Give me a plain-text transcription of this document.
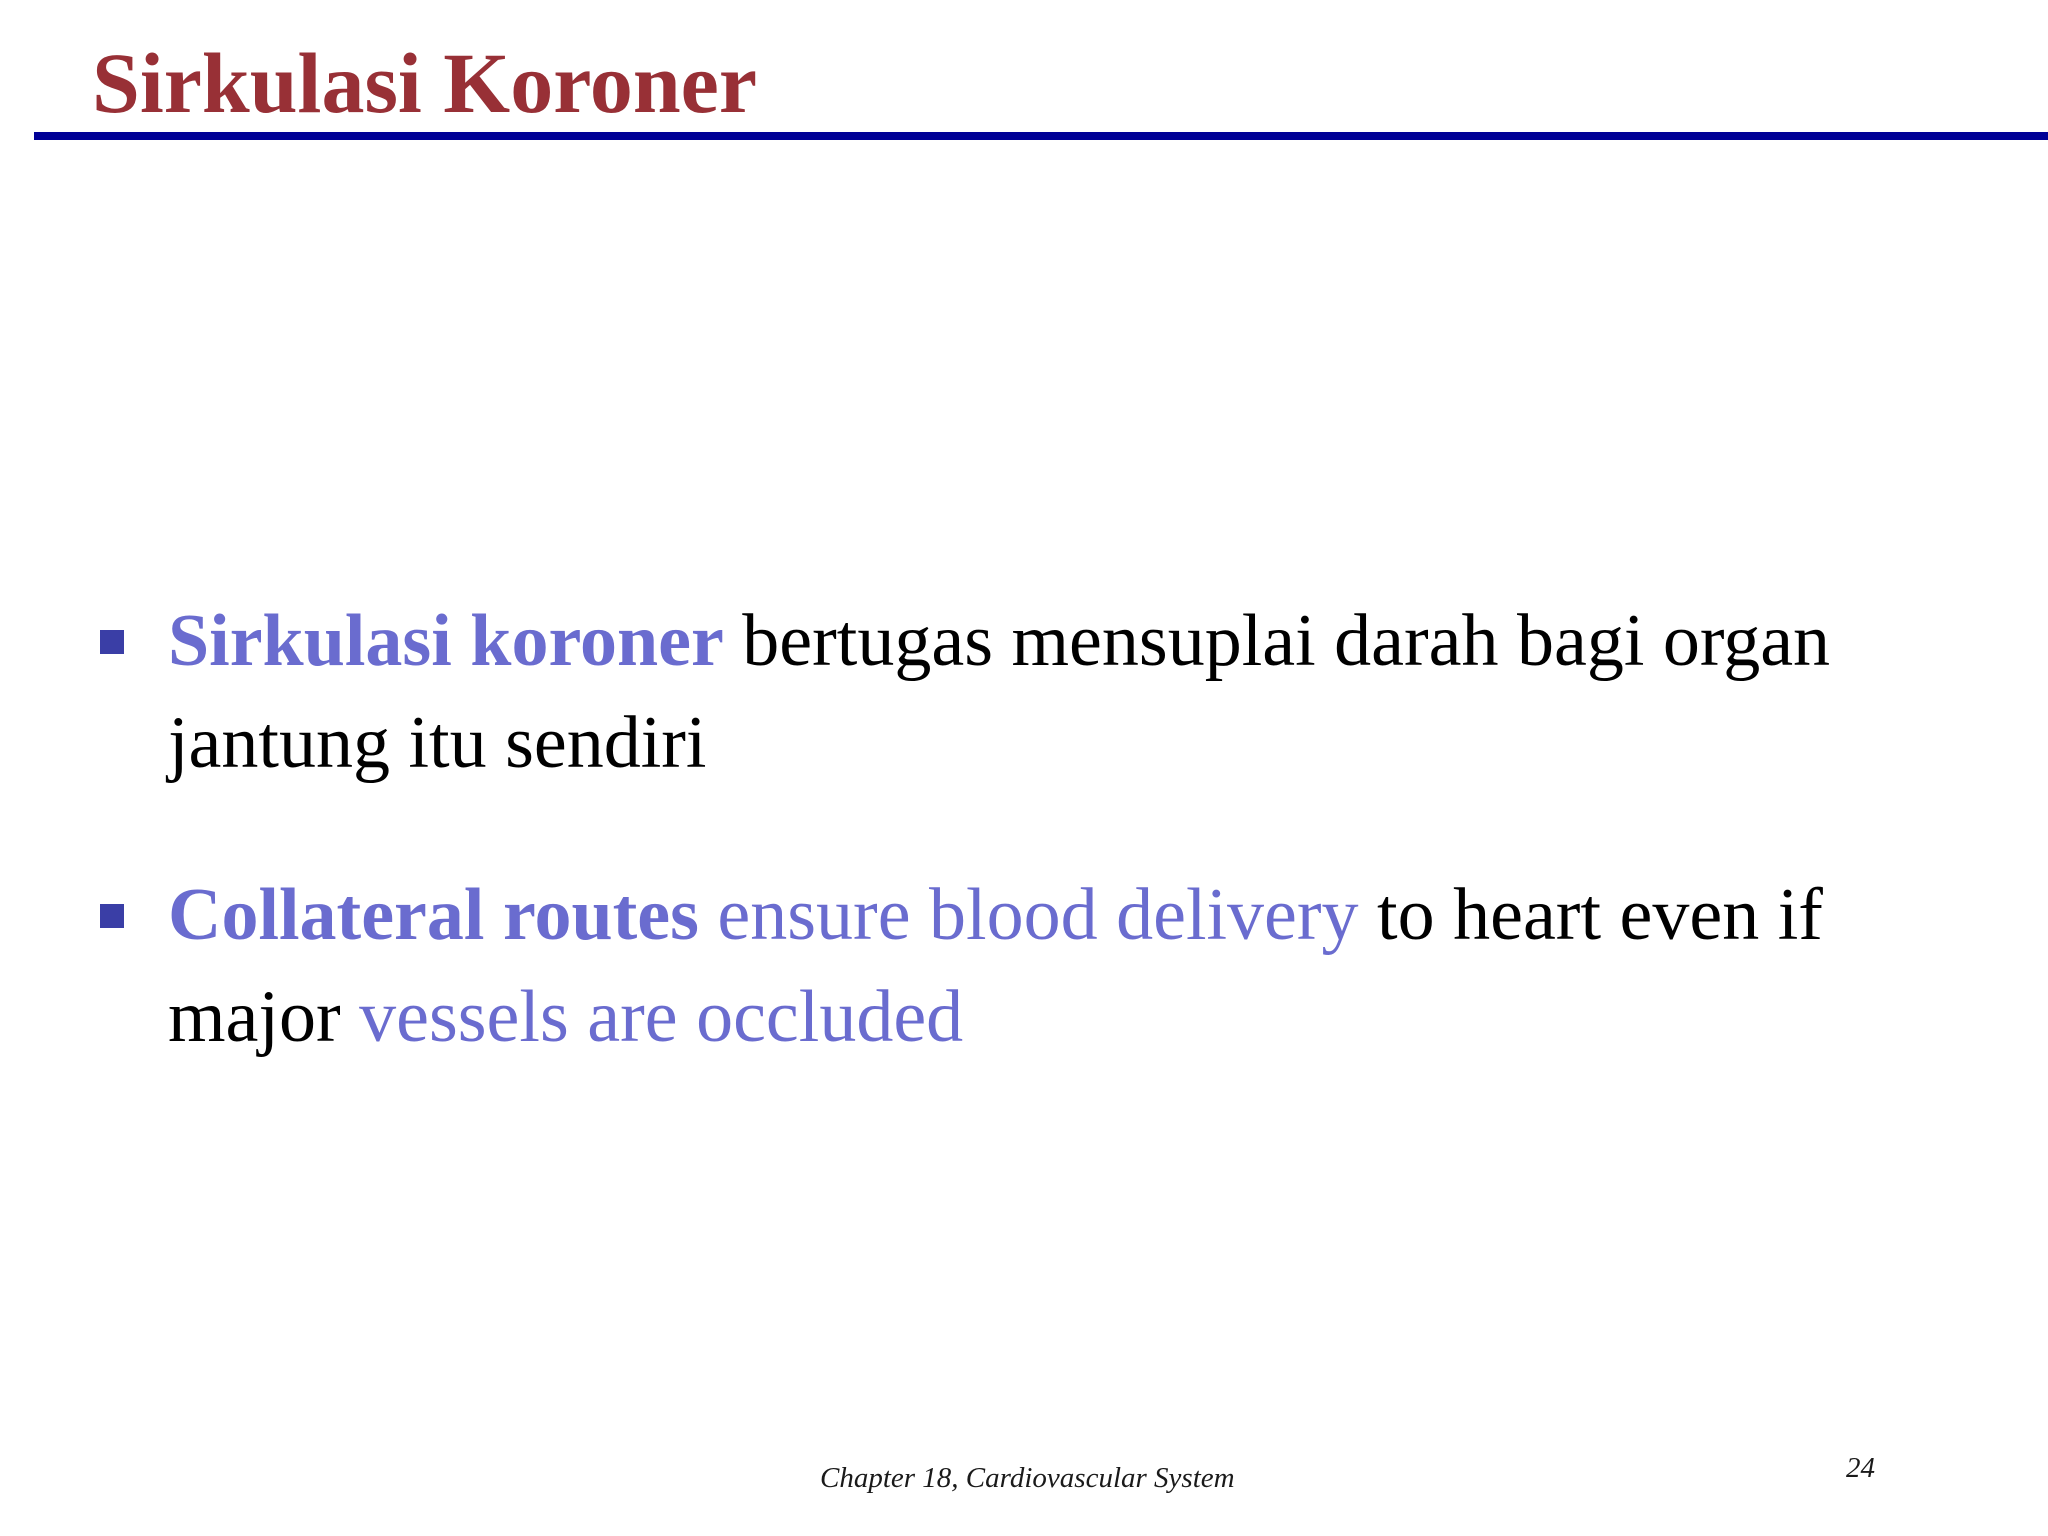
Sirkulasi Koroner
Sirkulasi koroner bertugas mensuplai darah bagi organ jantung itu sendiri
Collateral routes ensure blood delivery to heart even if major vessels are occluded
Chapter 18, Cardiovascular System	24
